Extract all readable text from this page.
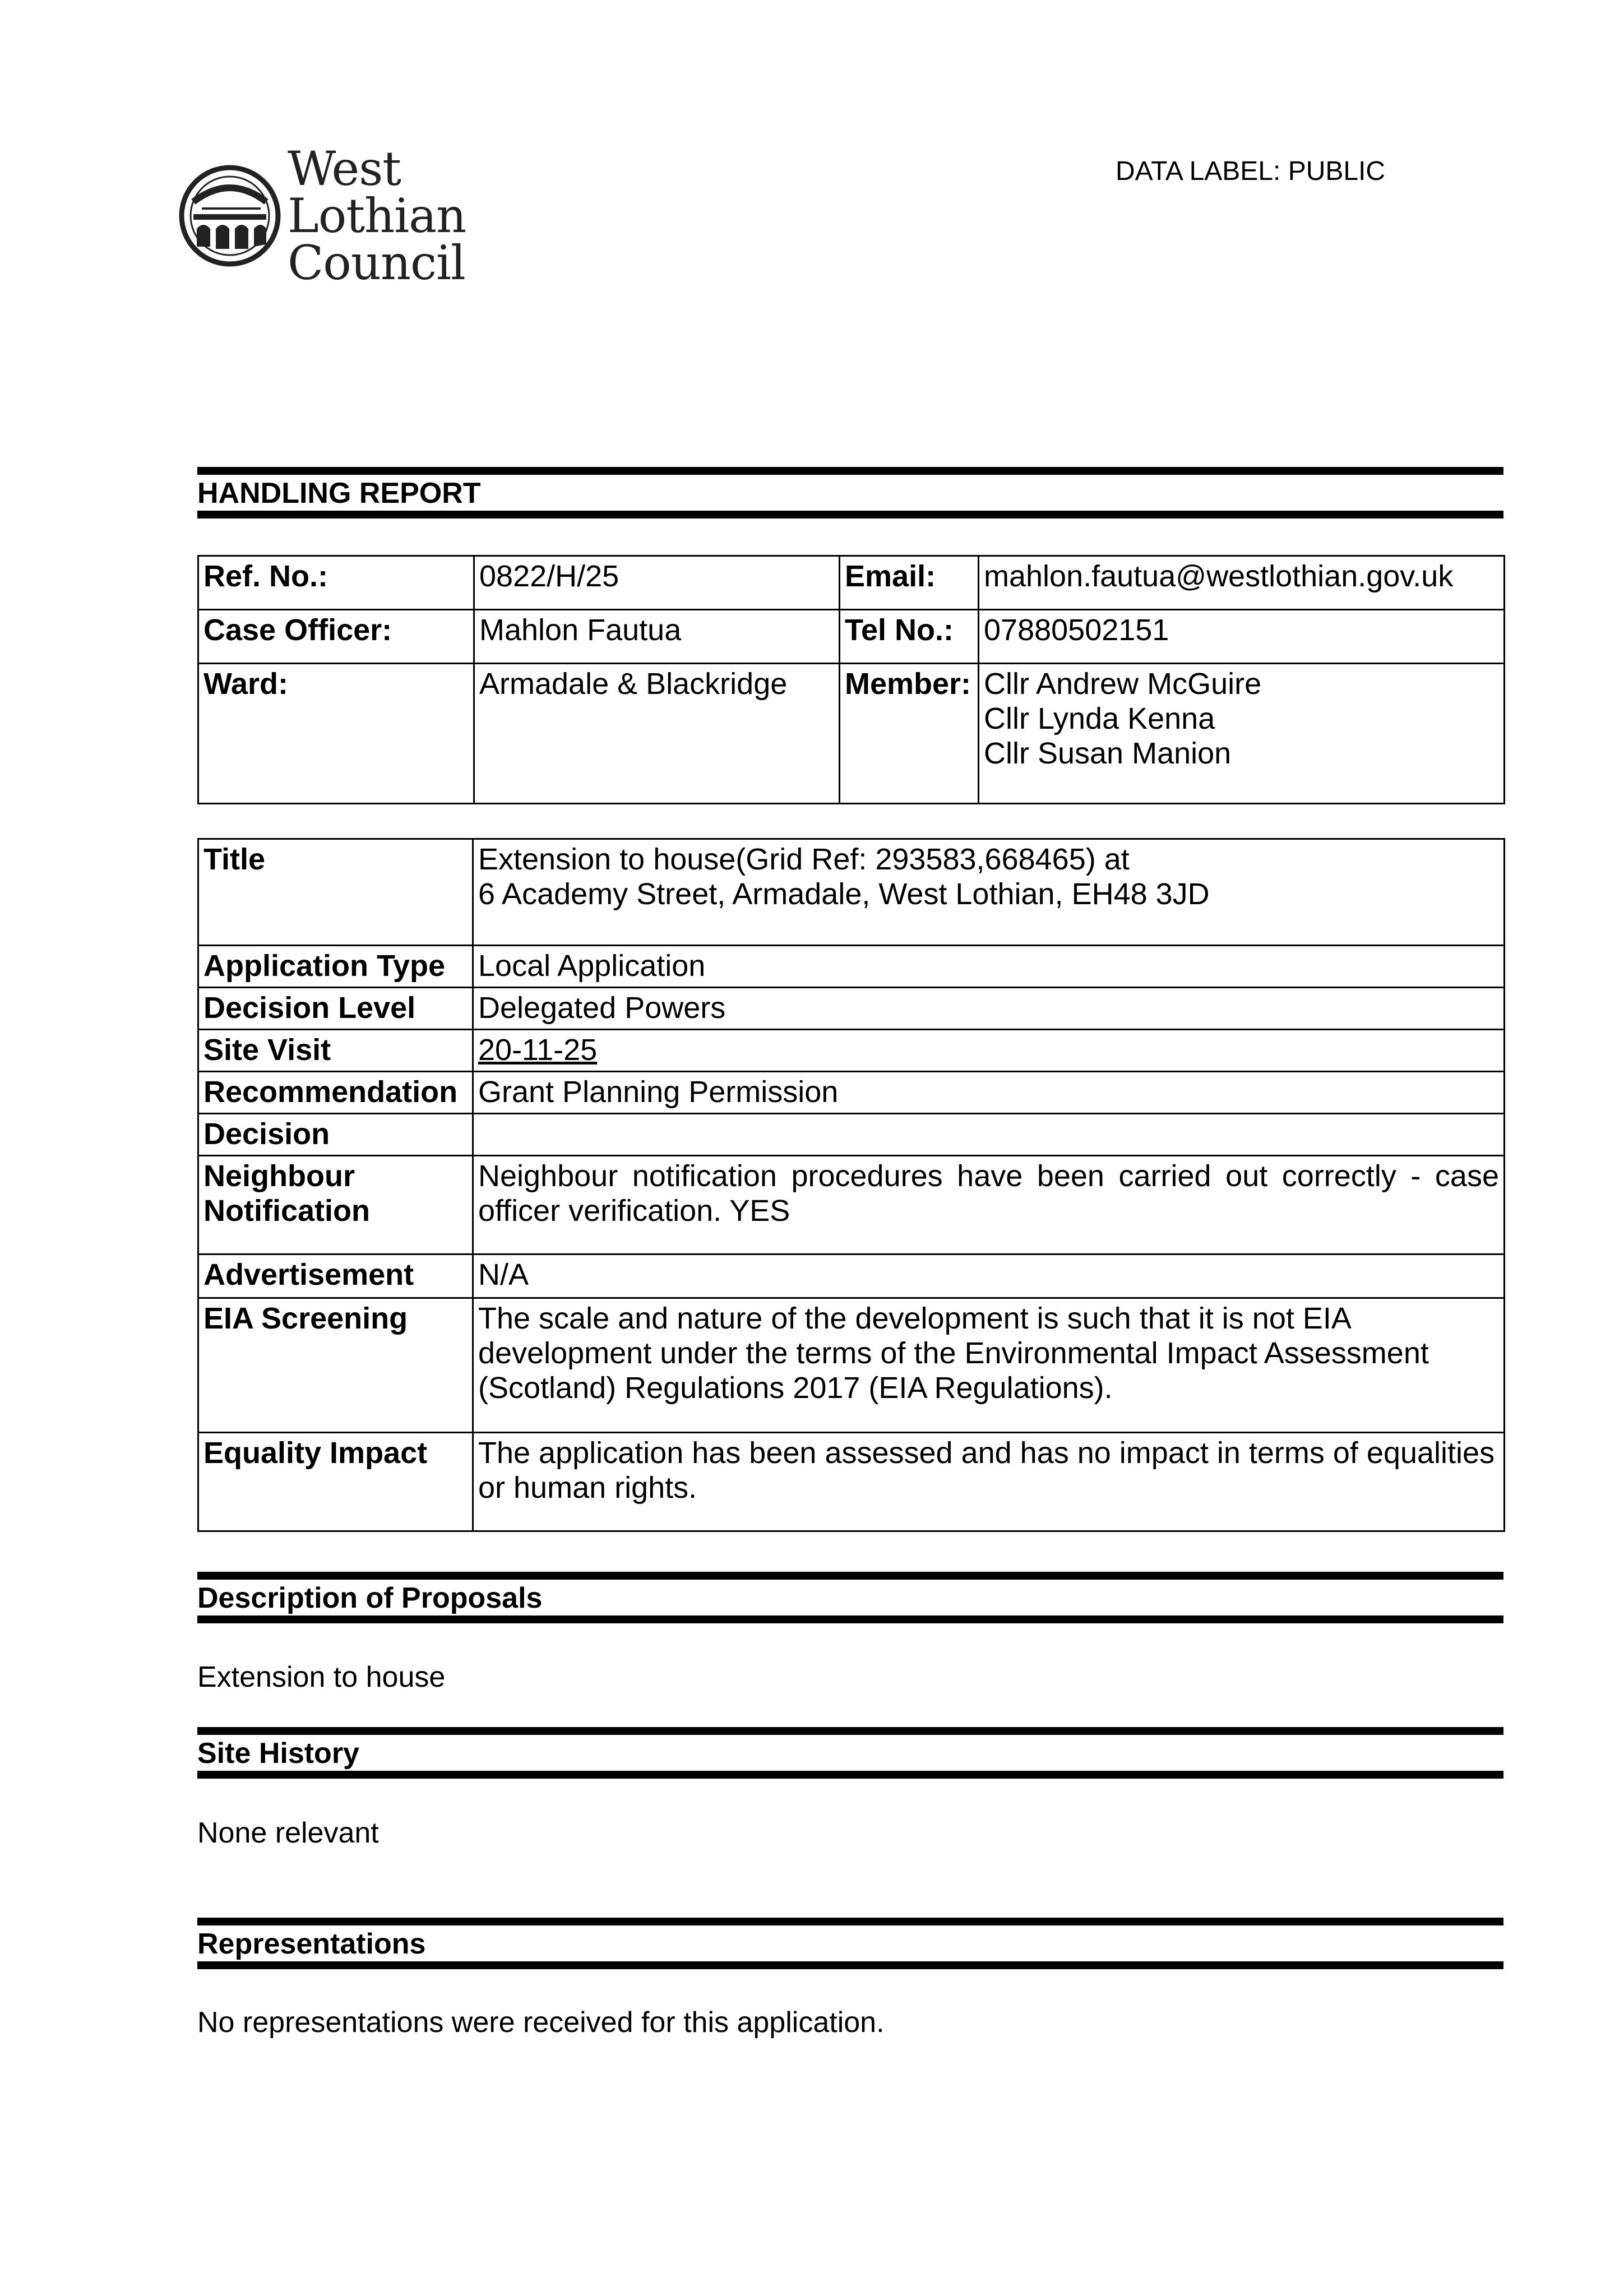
West Lothian
Council
DATA LABEL: PUBLIC
HANDLING REPORT
Ref. No.:	0822/H/25	Email:	mahlon.fautua@westlothian.gov.uk
Case Officer:	Mahlon Fautua	Tel No.:	07880502151
Ward:	Armadale & Blackridge	Member:	Cllr Andrew McGuire
Cllr Lynda Kenna
Cllr Susan Manion
Title	Extension to house(Grid Ref: 293583,668465) at
6 Academy Street, Armadale, West Lothian, EH48 3JD

Application Type	Local Application
Decision Level	Delegated Powers
Site Visit	20-11-25
Recommendation	Grant Planning Permission
Decision	

Neighbour
Notification	Neighbour notification procedures have been carried out correctly - case officer verification. YES
Advertisement	N/A
EIA Screening	The scale and nature of the development is such that it is not EIA
development under the terms of the Environmental Impact Assessment
(Scotland) Regulations 2017 (EIA Regulations).

Equality Impact	The application has been assessed and has no impact in terms of equalities or human rights.
Description of Proposals
Extension to house
Site History
None relevant
Representations
No representations were received for this application.
